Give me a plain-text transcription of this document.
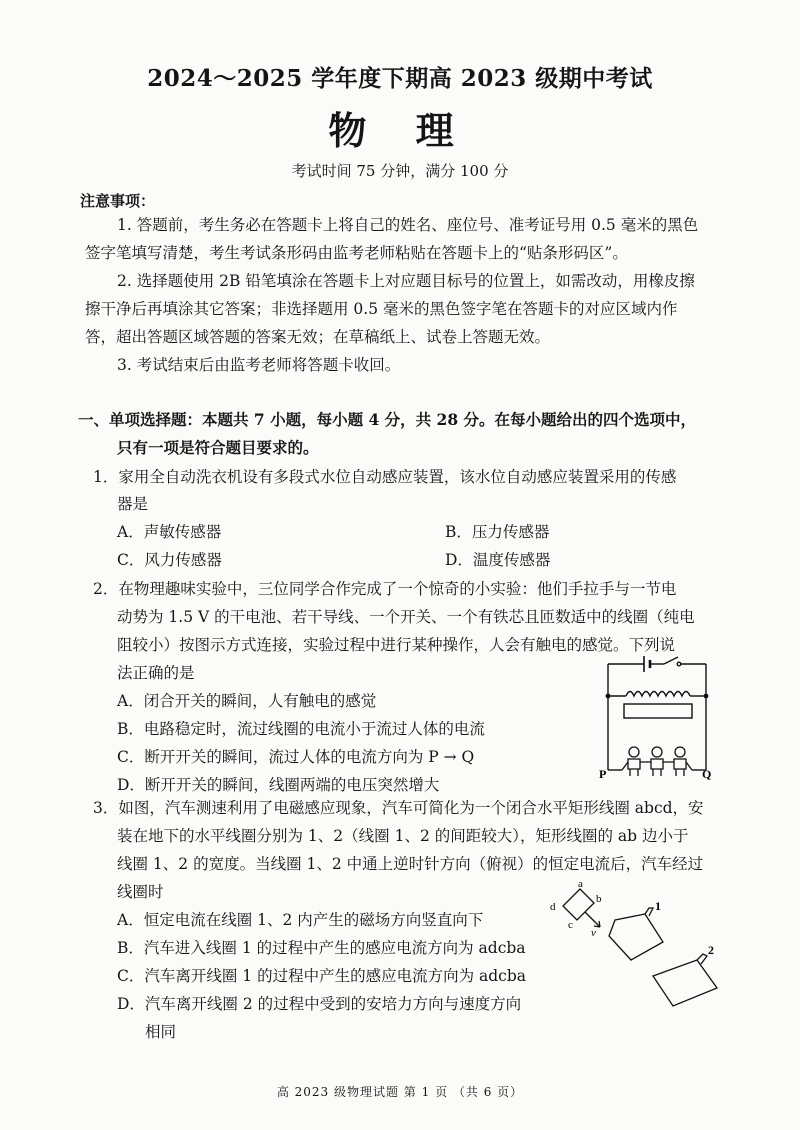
2024～2025 学年度下期高 2023 级期中考试
物 理
考试时间 75 分钟，满分 100 分
注意事项：
1. 答题前，考生务必在答题卡上将自己的姓名、座位号、准考证号用 0.5 毫米的黑色
签字笔填写清楚，考生考试条形码由监考老师粘贴在答题卡上的“贴条形码区”。
2. 选择题使用 2B 铅笔填涂在答题卡上对应题目标号的位置上，如需改动，用橡皮擦
擦干净后再填涂其它答案；非选择题用 0.5 毫米的黑色签字笔在答题卡的对应区域内作
答，超出答题区域答题的答案无效；在草稿纸上、试卷上答题无效。
3. 考试结束后由监考老师将答题卡收回。
一、单项选择题：本题共 7 小题，每小题 4 分，共 28 分。在每小题给出的四个选项中，
只有一项是符合题目要求的。
1．家用全自动洗衣机设有多段式水位自动感应装置，该水位自动感应装置采用的传感
器是
A．声敏传感器	B．压力传感器
C．风力传感器	D．温度传感器
2．在物理趣味实验中，三位同学合作完成了一个惊奇的小实验：他们手拉手与一节电
动势为 1.5 V 的干电池、若干导线、一个开关、一个有铁芯且匝数适中的线圈（纯电
阻较小）按图示方式连接，实验过程中进行某种操作，人会有触电的感觉。下列说
法正确的是
A．闭合开关的瞬间，人有触电的感觉
B．电路稳定时，流过线圈的电流小于流过人体的电流
C．断开开关的瞬间，流过人体的电流方向为 P → Q
D．断开开关的瞬间，线圈两端的电压突然增大
P	Q
3．如图，汽车测速利用了电磁感应现象，汽车可简化为一个闭合水平矩形线圈 abcd，安
装在地下的水平线圈分别为 1、2（线圈 1、2 的间距较大），矩形线圈的 ab 边小于
线圈 1、2 的宽度。当线圈 1、2 中通上逆时针方向（俯视）的恒定电流后，汽车经过
线圈时
A．恒定电流在线圈 1、2 内产生的磁场方向竖直向下
B．汽车进入线圈 1 的过程中产生的感应电流方向为 adcba
C．汽车离开线圈 1 的过程中产生的感应电流方向为 adcba
D．汽车离开线圈 2 的过程中受到的安培力方向与速度方向
相同
a
b
c
d
v
1
2
高 2023 级物理试题 第 1 页 （共 6 页）
